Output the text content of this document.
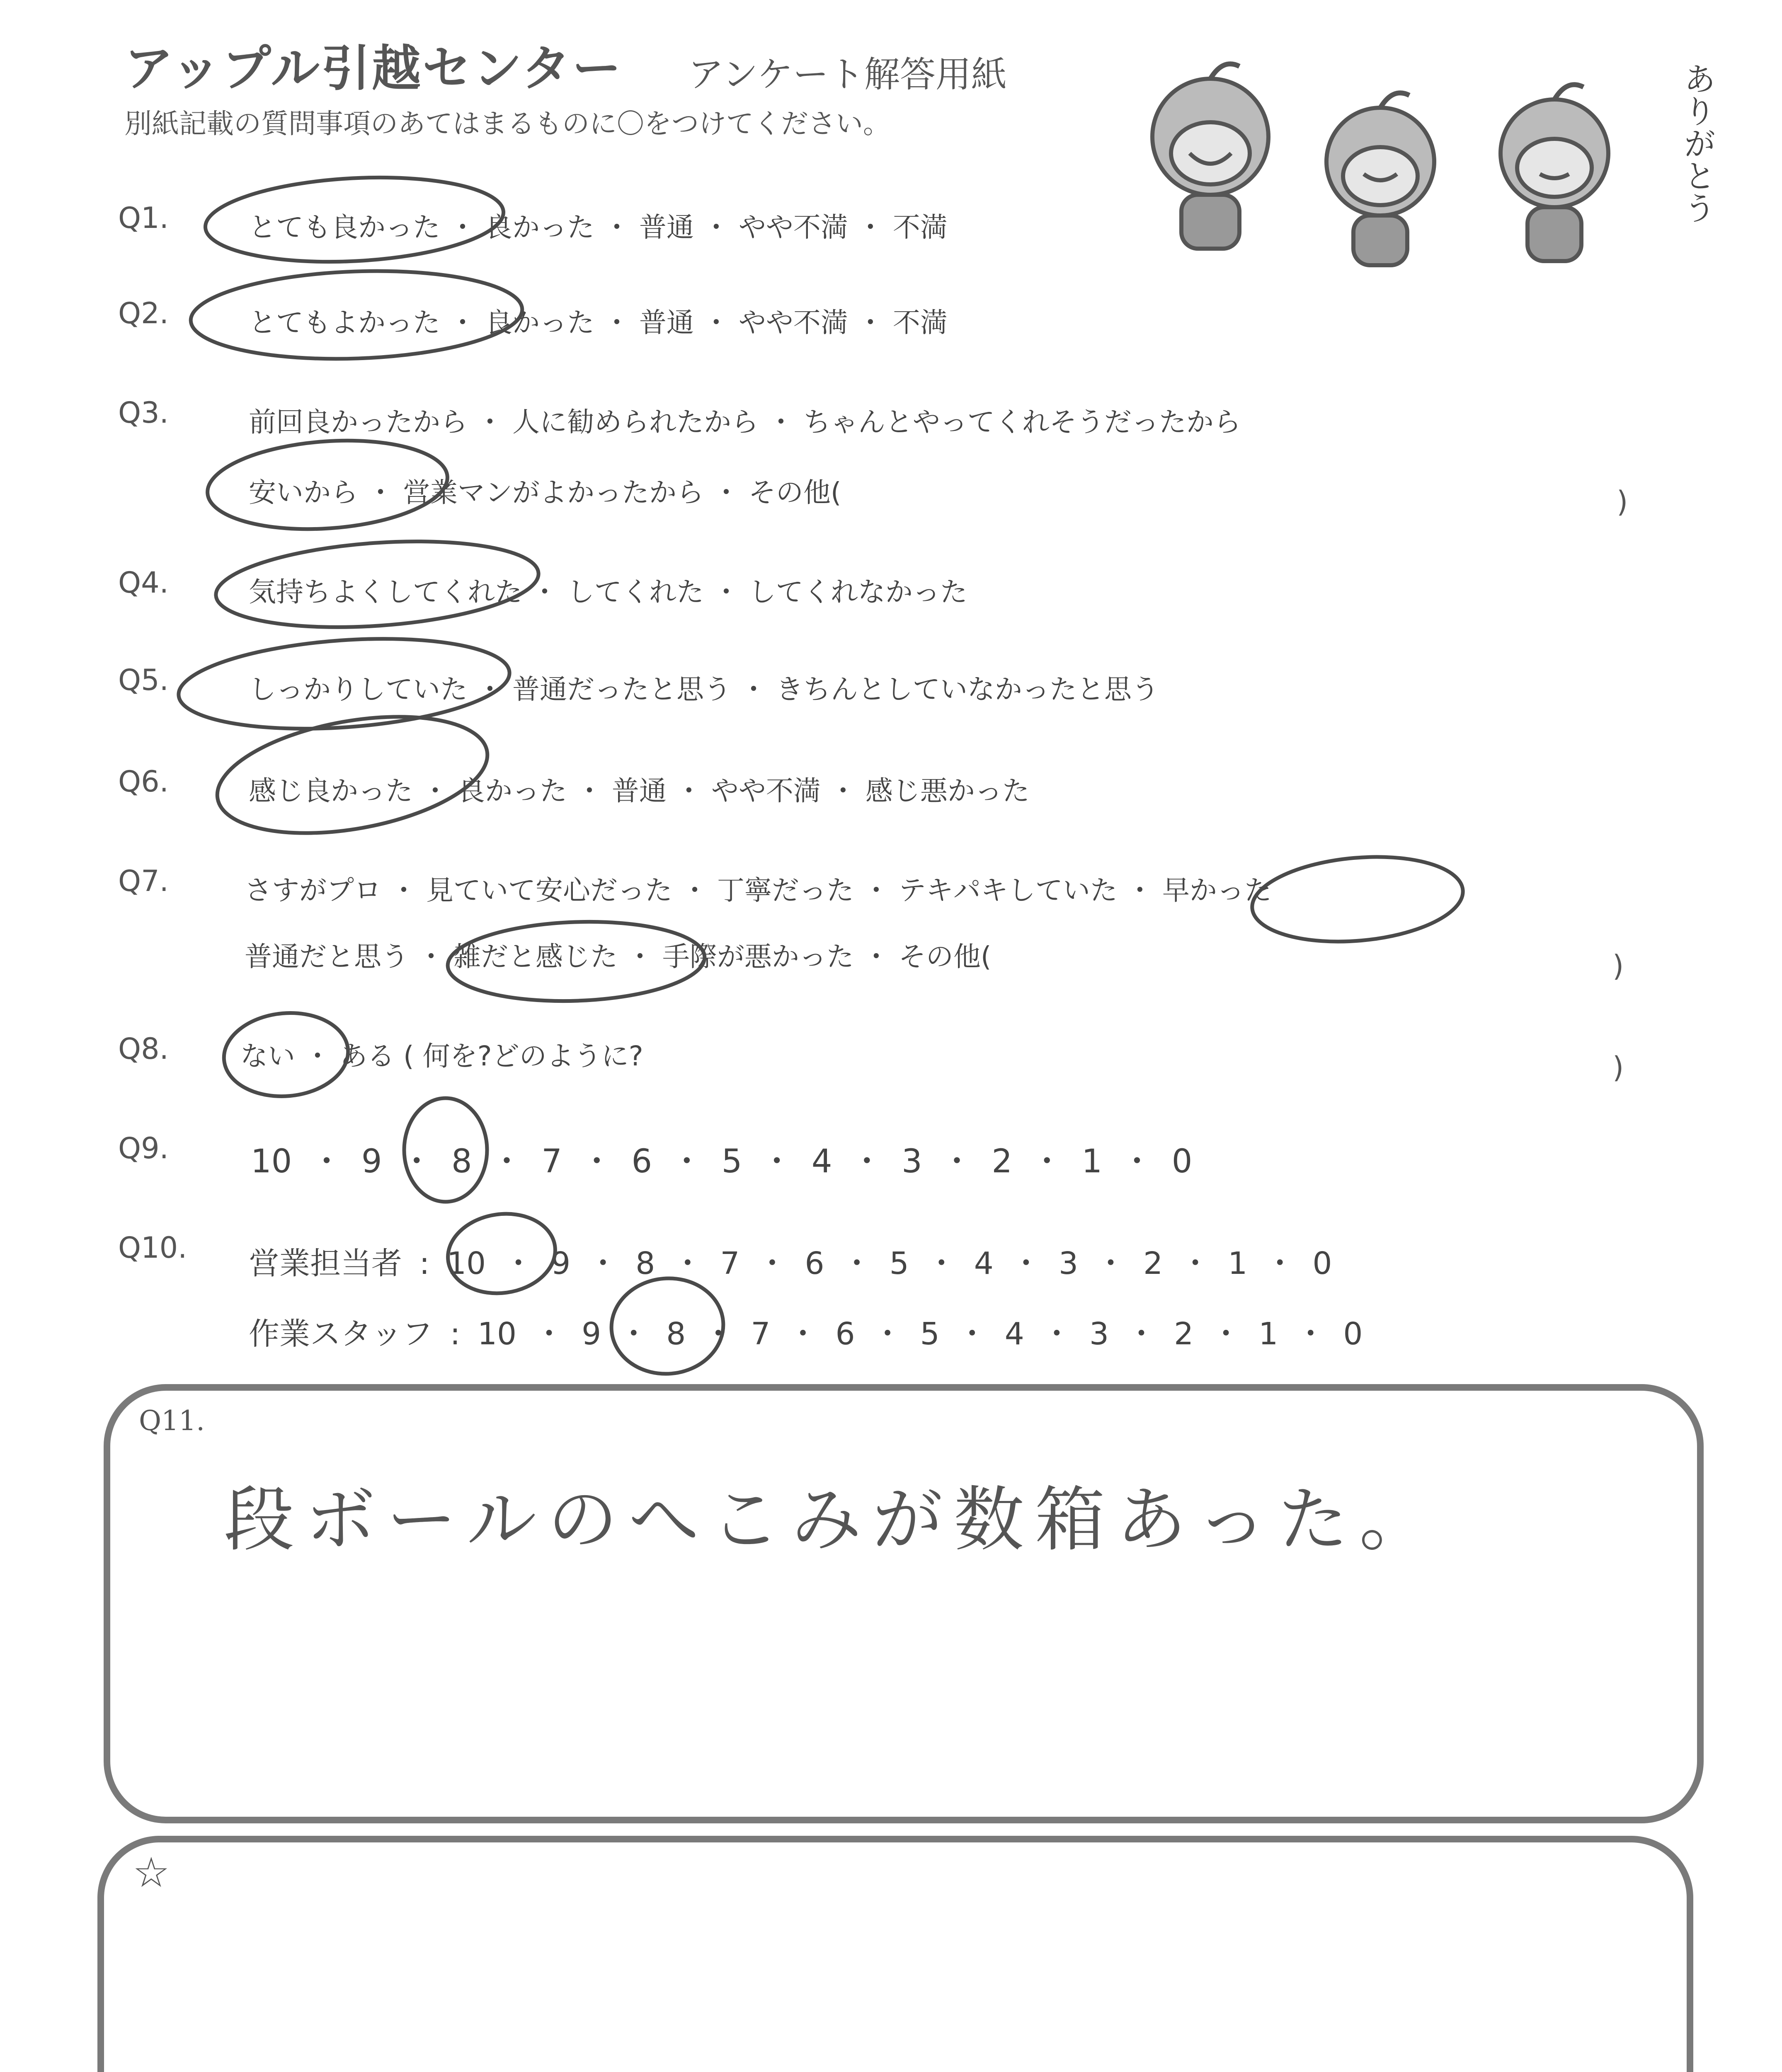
アップル引越センター アンケート解答用紙
別紙記載の質問事項のあてはまるものに〇をつけてください。	ありがとう
Q1.	とても良かった ・ 良かった ・ 普通 ・ やや不満 ・ 不満
Q2.	とてもよかった ・ 良かった ・ 普通 ・ やや不満 ・ 不満
Q3.	前回良かったから ・ 人に勧められたから ・ ちゃんとやってくれそうだったから
安いから ・ 営業マンがよかったから ・ その他(	)
Q4.	気持ちよくしてくれた ・ してくれた ・ してくれなかった
Q5.	しっかりしていた ・ 普通だったと思う ・ きちんとしていなかったと思う
Q6.	感じ良かった ・ 良かった ・ 普通 ・ やや不満 ・ 感じ悪かった
Q7.	さすがプロ ・ 見ていて安心だった ・ 丁寧だった ・ テキパキしていた ・ 早かった
普通だと思う ・ 雑だと感じた ・ 手際が悪かった ・ その他(	)
Q8.	ない ・ ある ( 何を?どのように?	)
Q9.	10 ・ 9 ・ 8 ・ 7 ・ 6 ・ 5 ・ 4 ・ 3 ・ 2 ・ 1 ・ 0
Q10. 営業担当者 : 10 ・ 9 ・ 8 ・ 7 ・ 6 ・ 5 ・ 4 ・ 3 ・ 2 ・ 1 ・ 0
作業スタッフ : 10 ・ 9 ・ 8 ・ 7 ・ 6 ・ 5 ・ 4 ・ 3 ・ 2 ・ 1 ・ 0
Q11.
段ボールのへこみが数箱あった。
☆
